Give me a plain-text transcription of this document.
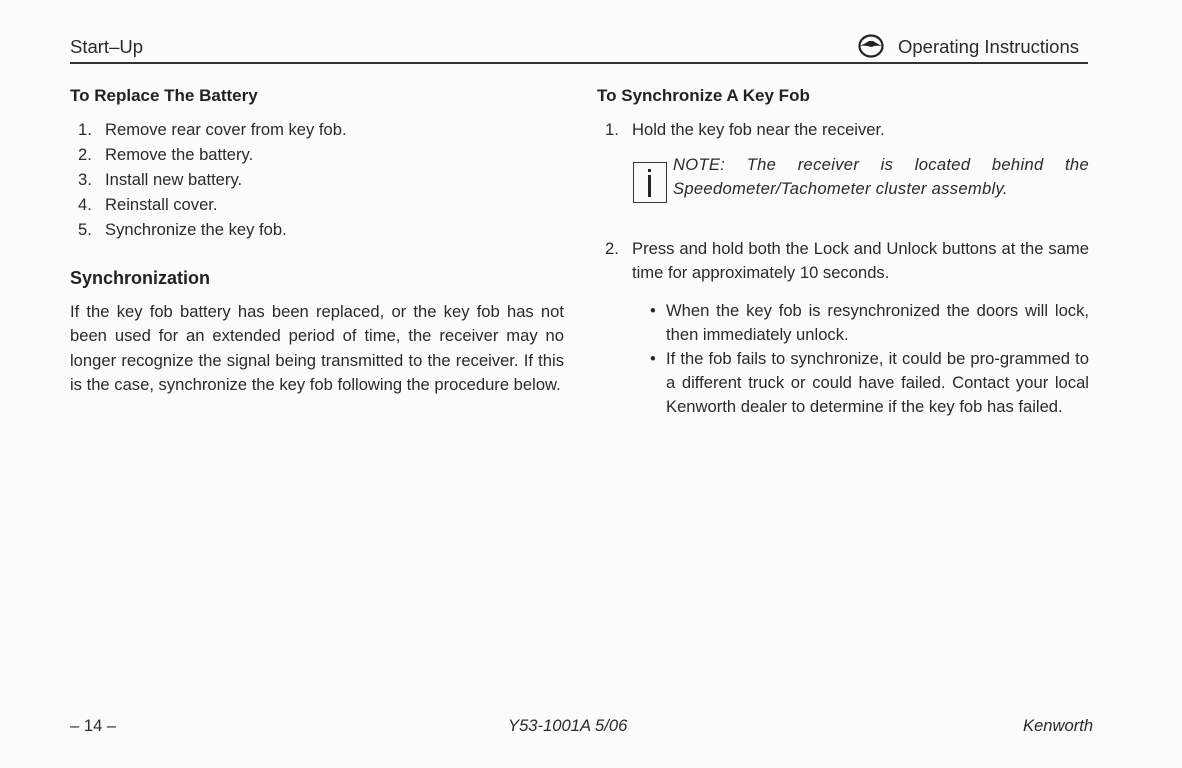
Start–Up	Operating Instructions
To Replace The Battery
1. Remove rear cover from key fob.
2. Remove the battery.
3. Install new battery.
4. Reinstall cover.
5. Synchronize the key fob.
Synchronization

If the key fob battery has been replaced, or the key fob has not been used for an extended period of time, the receiver may no longer recognize the signal being transmitted to the receiver. If this is the case, synchronize the key fob following the procedure below.

To Synchronize A Key Fob
1. Hold the key fob near the receiver.

NOTE: The receiver is located behind the Speedometer/Tachometer cluster assembly.

2. Press and hold both the Lock and Unlock buttons at the same time for approximately 10 seconds.
• When the key fob is resynchronized the doors will lock, then immediately unlock.
• If the fob fails to synchronize, it could be pro-grammed to a different truck or could have failed. Contact your local Kenworth dealer to determine if the key fob has failed.
– 14 –	Y53-1001A 5/06	Kenworth
